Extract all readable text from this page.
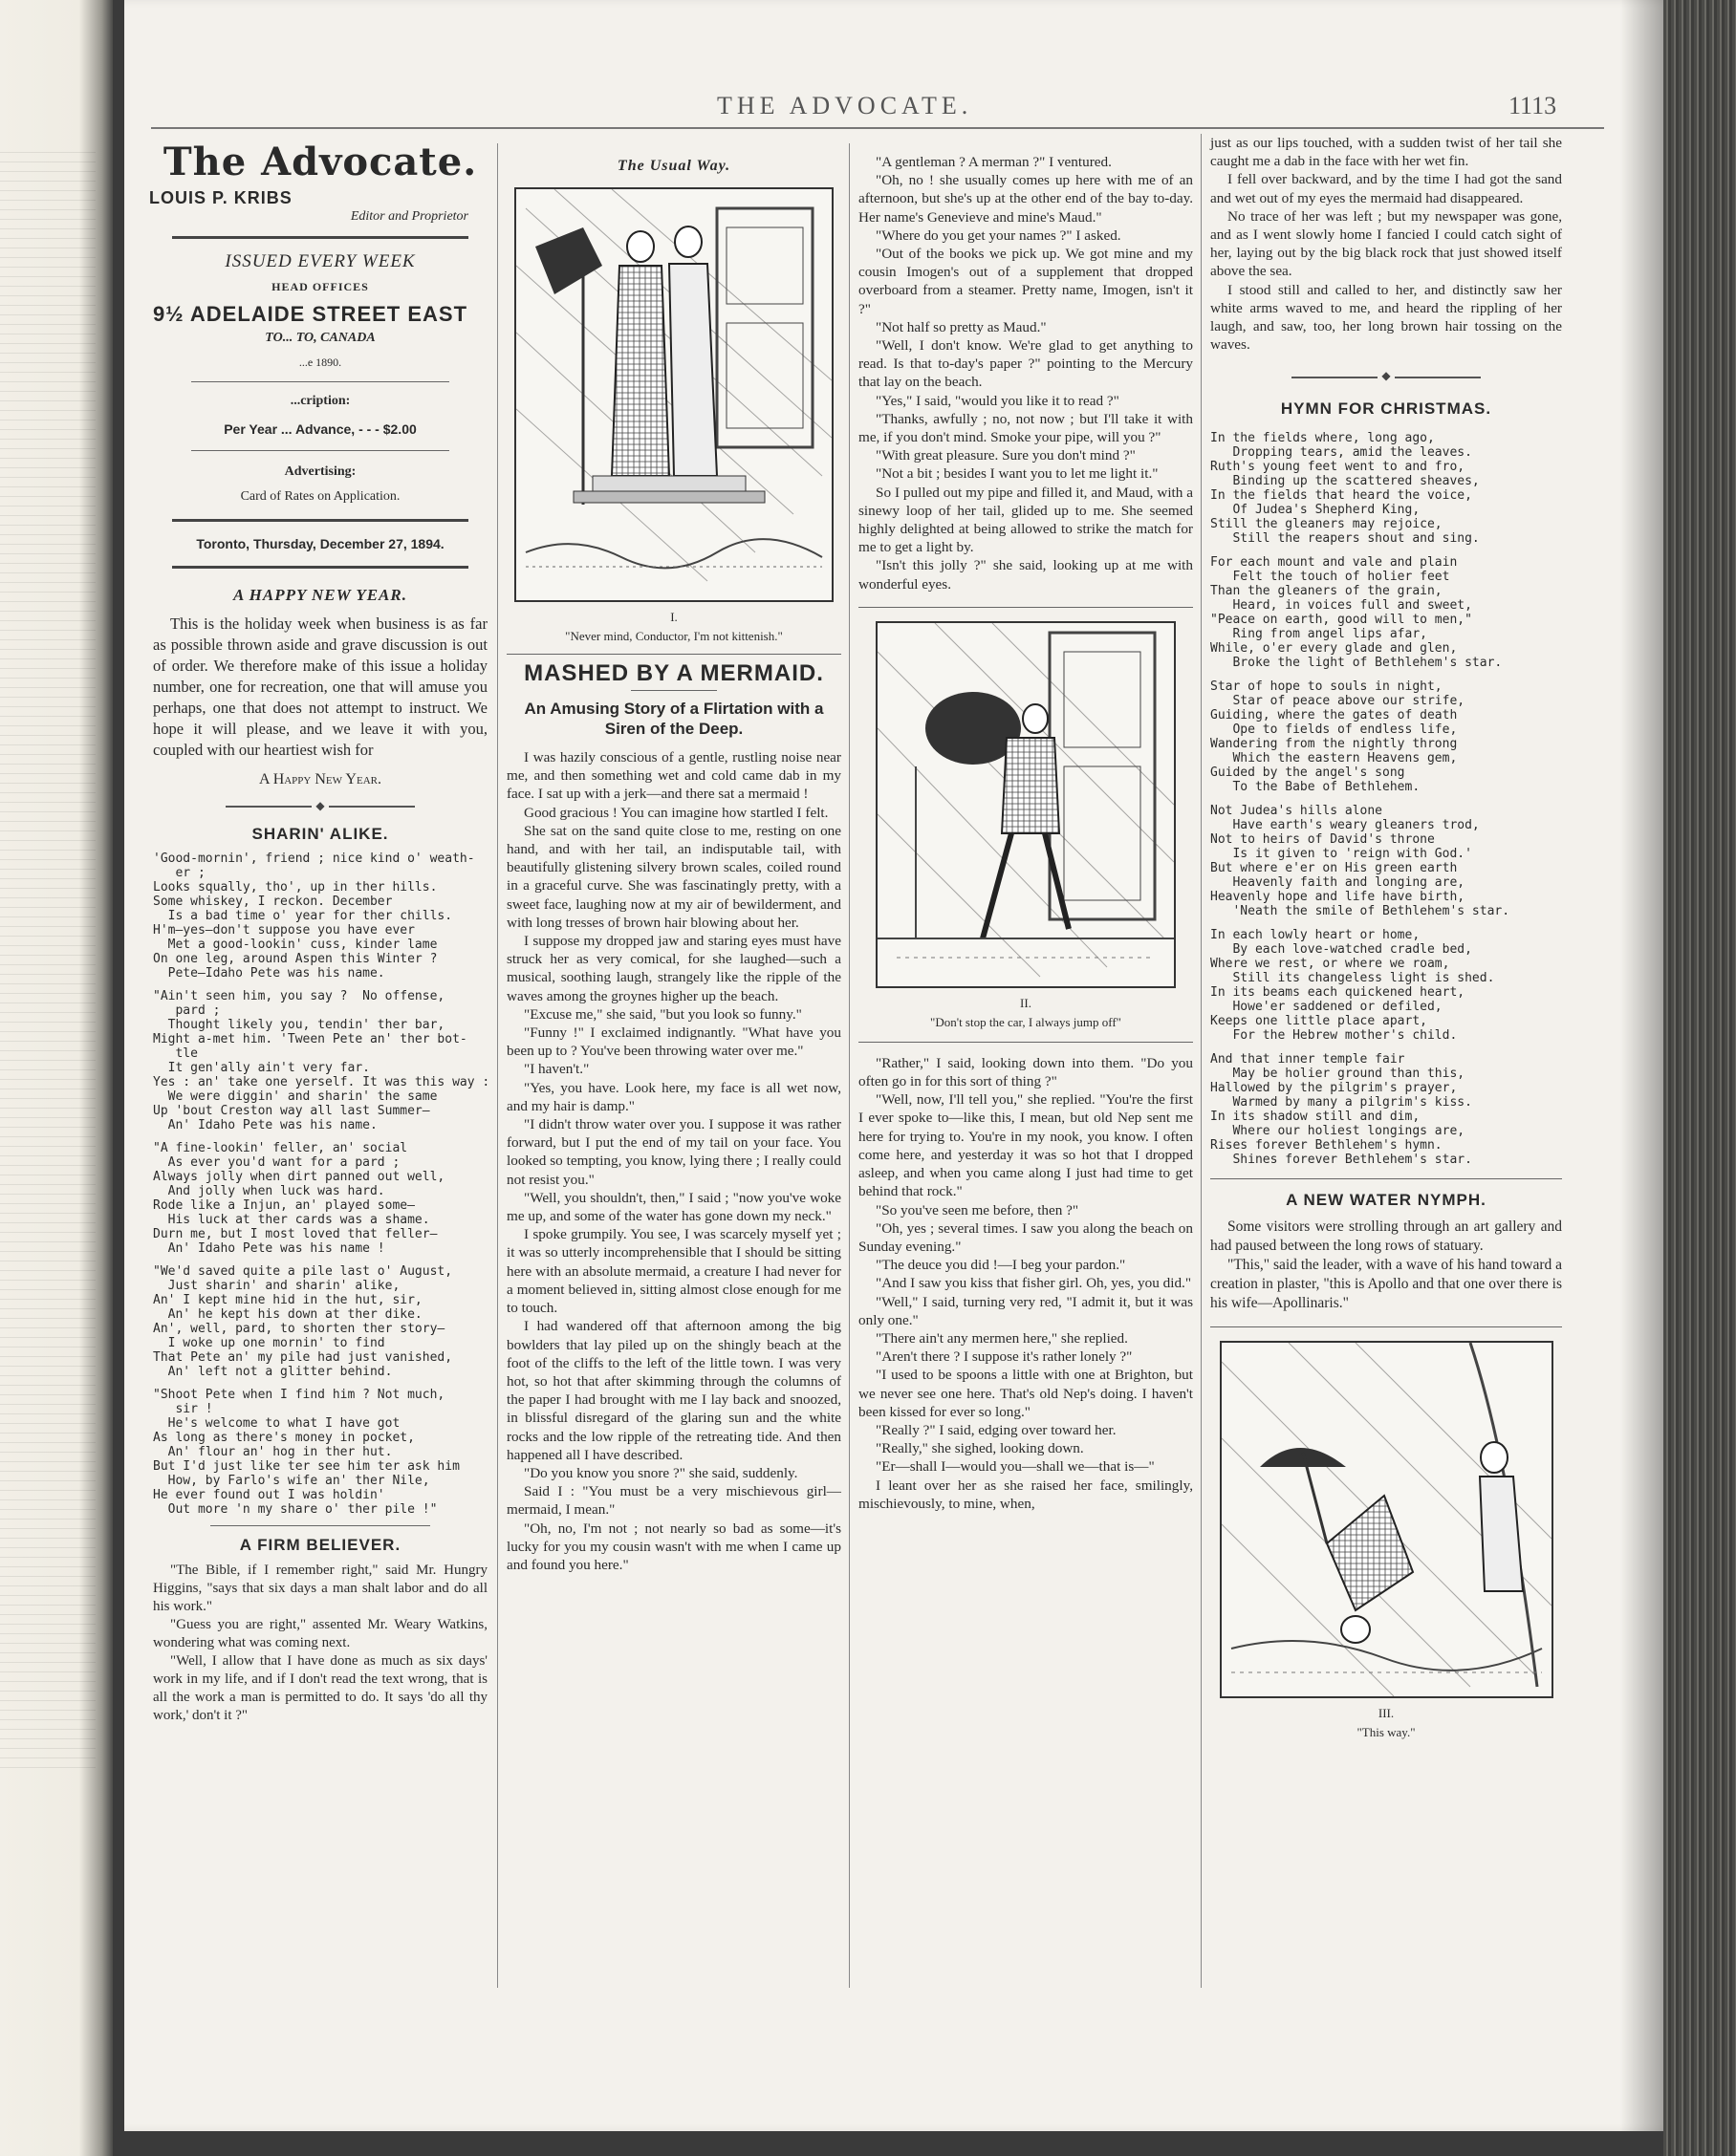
THE ADVOCATE.	1113
The Advocate.
LOUIS P. KRIBS
Editor and Proprietor
ISSUED EVERY WEEK
HEAD OFFICES
9½ ADELAIDE STREET EAST
TO... TO, CANADA
...e 1890.
...cription:
Per Year ... Advance, - - - $2.00
Advertising:
Card of Rates on Application.
Toronto, Thursday, December 27, 1894.
A HAPPY NEW YEAR.

This is the holiday week when business is as far as possible thrown aside and grave discussion is out of order. We therefore make of this issue a holiday number, one for recreation, one that will amuse you perhaps, one that does not attempt to instruct. We hope it will please, and we leave it with you, coupled with our heartiest wish for

A Happy New Year.
◆
SHARIN' ALIKE.

'Good-mornin', friend ; nice kind o' weath-
er ;
Looks squally, tho', up in ther hills.
Some whiskey, I reckon. December
Is a bad time o' year for ther chills.
H'm—yes—don't suppose you have ever
Met a good-lookin' cuss, kinder lame
On one leg, around Aspen this Winter ?
Pete—Idaho Pete was his name.

"Ain't seen him, you say ?  No offense,
pard ;
Thought likely you, tendin' ther bar,
Might a-met him. 'Tween Pete an' ther bot-
tle
It gen'ally ain't very far.
Yes : an' take one yerself. It was this way :
We were diggin' and sharin' the same
Up 'bout Creston way all last Summer—
An' Idaho Pete was his name.

"A fine-lookin' feller, an' social
As ever you'd want for a pard ;
Always jolly when dirt panned out well,
And jolly when luck was hard.
Rode like a Injun, an' played some—
His luck at ther cards was a shame.
Durn me, but I most loved that feller—
An' Idaho Pete was his name !

"We'd saved quite a pile last o' August,
Just sharin' and sharin' alike,
An' I kept mine hid in the hut, sir,
An' he kept his down at ther dike.
An', well, pard, to shorten ther story—
I woke up one mornin' to find
That Pete an' my pile had just vanished,
An' left not a glitter behind.

"Shoot Pete when I find him ? Not much,
sir !
He's welcome to what I have got
As long as there's money in pocket,
An' flour an' hog in ther hut.
But I'd just like ter see him ter ask him
How, by Farlo's wife an' ther Nile,
He ever found out I was holdin'
Out more 'n my share o' ther pile !"

A FIRM BELIEVER.

"The Bible, if I remember right," said Mr. Hungry Higgins, "says that six days a man shalt labor and do all his work."

"Guess you are right," assented Mr. Weary Watkins, wondering what was coming next.

"Well, I allow that I have done as much as six days' work in my life, and if I don't read the text wrong, that is all the work a man is permitted to do. It says 'do all thy work,' don't it ?"

The Usual Way.
I.
"Never mind, Conductor, I'm not kittenish."
MASHED BY A MERMAID.
An Amusing Story of a Flirtation with a Siren of the Deep.

I was hazily conscious of a gentle, rustling noise near me, and then something wet and cold came dab in my face. I sat up with a jerk—and there sat a mermaid !

Good gracious ! You can imagine how startled I felt.

She sat on the sand quite close to me, resting on one hand, and with her tail, an indisputable tail, with beautifully glistening silvery brown scales, coiled round in a graceful curve. She was fascinatingly pretty, with a sweet face, laughing now at my air of bewilderment, and with long tresses of brown hair blowing about her.

I suppose my dropped jaw and staring eyes must have struck her as very comical, for she laughed—such a musical, soothing laugh, strangely like the ripple of the waves among the groynes higher up the beach.

"Excuse me," she said, "but you look so funny."

"Funny !" I exclaimed indignantly. "What have you been up to ? You've been throwing water over me."

"I haven't."

"Yes, you have. Look here, my face is all wet now, and my hair is damp."

"I didn't throw water over you. I suppose it was rather forward, but I put the end of my tail on your face. You looked so tempting, you know, lying there ; I really could not resist you."

"Well, you shouldn't, then," I said ; "now you've woke me up, and some of the water has gone down my neck."

I spoke grumpily. You see, I was scarcely myself yet ; it was so utterly incomprehensible that I should be sitting here with an absolute mermaid, a creature I had never for a moment believed in, sitting almost close enough for me to touch.

I had wandered off that afternoon among the big bowlders that lay piled up on the shingly beach at the foot of the cliffs to the left of the little town. I was very hot, so hot that after skimming through the columns of the paper I had brought with me I lay back and snoozed, in blissful disregard of the glaring sun and the white rocks and the low ripple of the retreating tide. And then happened all I have described.

"Do you know you snore ?" she said, suddenly.

Said I : "You must be a very mischievous girl—mermaid, I mean."

"Oh, no, I'm not ; not nearly so bad as some—it's lucky for you my cousin wasn't with me when I came up and found you here."

"A gentleman ? A merman ?" I ventured.

"Oh, no ! she usually comes up here with me of an afternoon, but she's up at the other end of the bay to-day. Her name's Genevieve and mine's Maud."

"Where do you get your names ?" I asked.

"Out of the books we pick up. We got mine and my cousin Imogen's out of a supplement that dropped overboard from a steamer. Pretty name, Imogen, isn't it ?"

"Not half so pretty as Maud."

"Well, I don't know. We're glad to get anything to read. Is that to-day's paper ?" pointing to the Mercury that lay on the beach.

"Yes," I said, "would you like it to read ?"

"Thanks, awfully ; no, not now ; but I'll take it with me, if you don't mind. Smoke your pipe, will you ?"

"With great pleasure. Sure you don't mind ?"

"Not a bit ; besides I want you to let me light it."

So I pulled out my pipe and filled it, and Maud, with a sinewy loop of her tail, glided up to me. She seemed highly delighted at being allowed to strike the match for me to get a light by.

"Isn't this jolly ?" she said, looking up at me with wonderful eyes.

II.
"Don't stop the car, I always jump off"

"Rather," I said, looking down into them. "Do you often go in for this sort of thing ?"

"Well, now, I'll tell you," she replied. "You're the first I ever spoke to—like this, I mean, but old Nep sent me here for trying to. You're in my nook, you know. I often come here, and yesterday it was so hot that I dropped asleep, and when you came along I just had time to get behind that rock."

"So you've seen me before, then ?"

"Oh, yes ; several times. I saw you along the beach on Sunday evening."

"The deuce you did !—I beg your pardon."

"And I saw you kiss that fisher girl. Oh, yes, you did."

"Well," I said, turning very red, "I admit it, but it was only one."

"There ain't any mermen here," she replied.

"Aren't there ? I suppose it's rather lonely ?"

"I used to be spoons a little with one at Brighton, but we never see one here. That's old Nep's doing. I haven't been kissed for ever so long."

"Really ?" I said, edging over toward her.

"Really," she sighed, looking down.

"Er—shall I—would you—shall we—that is—"

I leant over her as she raised her face, smilingly, mischievously, to mine, when,

just as our lips touched, with a sudden twist of her tail she caught me a dab in the face with her wet fin.

I fell over backward, and by the time I had got the sand and wet out of my eyes the mermaid had disappeared.

No trace of her was left ; but my newspaper was gone, and as I went slowly home I fancied I could catch sight of her, laying out by the big black rock that just showed itself above the sea.

I stood still and called to her, and distinctly saw her white arms waved to me, and heard the rippling of her laugh, and saw, too, her long brown hair tossing on the waves.

◆
HYMN FOR CHRISTMAS.

In the fields where, long ago,
Dropping tears, amid the leaves.
Ruth's young feet went to and fro,
Binding up the scattered sheaves,
In the fields that heard the voice,
Of Judea's Shepherd King,
Still the gleaners may rejoice,
Still the reapers shout and sing.

For each mount and vale and plain
Felt the touch of holier feet
Than the gleaners of the grain,
Heard, in voices full and sweet,
"Peace on earth, good will to men,"
Ring from angel lips afar,
While, o'er every glade and glen,
Broke the light of Bethlehem's star.

Star of hope to souls in night,
Star of peace above our strife,
Guiding, where the gates of death
Ope to fields of endless life,
Wandering from the nightly throng
Which the eastern Heavens gem,
Guided by the angel's song
To the Babe of Bethlehem.

Not Judea's hills alone
Have earth's weary gleaners trod,
Not to heirs of David's throne
Is it given to 'reign with God.'
But where e'er on His green earth
Heavenly faith and longing are,
Heavenly hope and life have birth,
'Neath the smile of Bethlehem's star.

In each lowly heart or home,
By each love-watched cradle bed,
Where we rest, or where we roam,
Still its changeless light is shed.
In its beams each quickened heart,
Howe'er saddened or defiled,
Keeps one little place apart,
For the Hebrew mother's child.

And that inner temple fair
May be holier ground than this,
Hallowed by the pilgrim's prayer,
Warmed by many a pilgrim's kiss.
In its shadow still and dim,
Where our holiest longings are,
Rises forever Bethlehem's hymn.
Shines forever Bethlehem's star.

A NEW WATER NYMPH.

Some visitors were strolling through an art gallery and had paused between the long rows of statuary.

"This," said the leader, with a wave of his hand toward a creation in plaster, "this is Apollo and that one over there is his wife—Apollinaris."

III.
"This way."
